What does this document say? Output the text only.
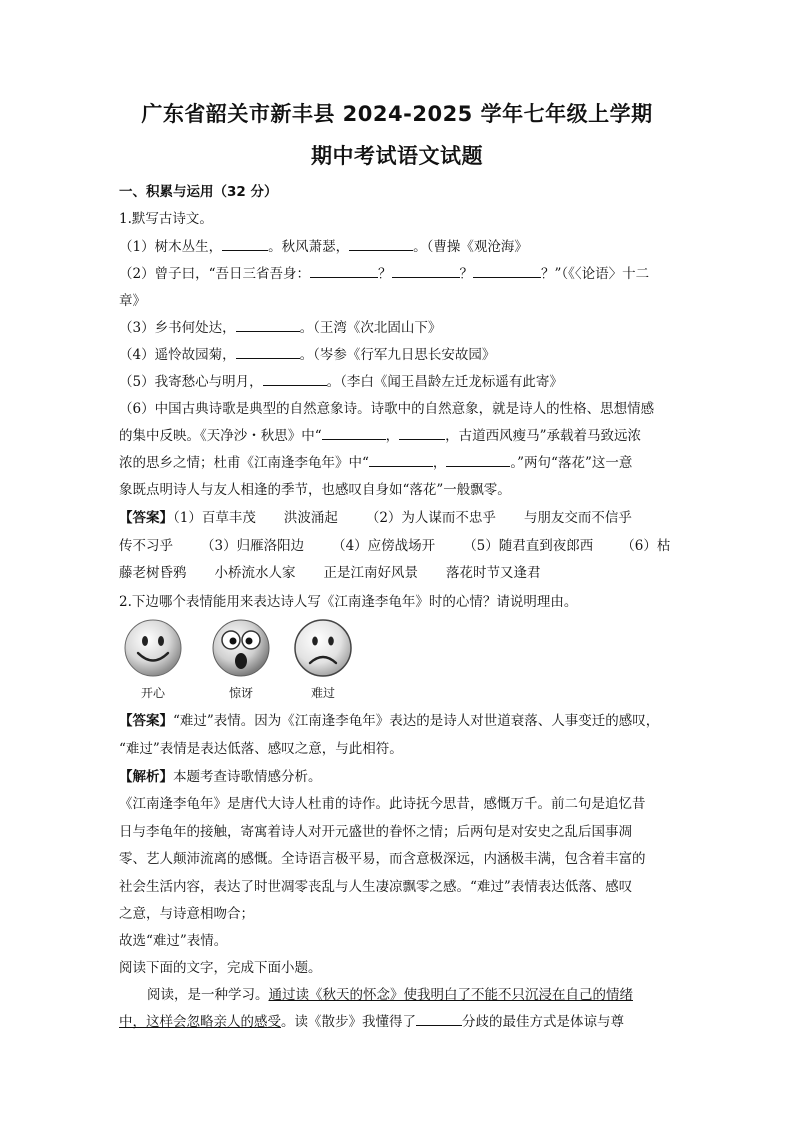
广东省韶关市新丰县 2024-2025 学年七年级上学期
期中考试语文试题
一、积累与运用（32 分）
1.默写古诗文。
（1）树木丛生，	。秋风萧瑟，	。（曹操《观沧海》
（2）曾子曰，“吾日三省吾身：	？	？	？”（《〈论语〉十二
章》
（3）乡书何处达，	。（王湾《次北固山下》
（4）遥怜故园菊，	。（岑参《行军九日思长安故园》
（5）我寄愁心与明月，	。（李白《闻王昌龄左迁龙标遥有此寄》
（6）中国古典诗歌是典型的自然意象诗。诗歌中的自然意象，就是诗人的性格、思想情感
的集中反映。《天净沙・秋思》中“	，	，古道西风瘦马”承载着马致远浓
浓的思乡之情；杜甫《江南逢李龟年》中“	，	。”两句“落花”这一意
象既点明诗人与友人相逢的季节，也感叹自身如“落花”一般飘零。
【答案】（1）百草丰茂 洪波涌起 （2）为人谋而不忠乎 与朋友交而不信乎
传不习乎 （3）归雁洛阳边 （4）应傍战场开 （5）随君直到夜郎西 （6）枯
藤老树昏鸦 小桥流水人家 正是江南好风景 落花时节又逢君
2.下边哪个表情能用来表达诗人写《江南逢李龟年》时的心情？请说明理由。
开心	惊讶	难过
【答案】“难过”表情。因为《江南逢李龟年》表达的是诗人对世道衰落、人事变迁的感叹，
“难过”表情是表达低落、感叹之意，与此相符。
【解析】本题考查诗歌情感分析。
《江南逢李龟年》是唐代大诗人杜甫的诗作。此诗抚今思昔，感慨万千。前二句是追忆昔
日与李龟年的接触，寄寓着诗人对开元盛世的眷怀之情；后两句是对安史之乱后国事凋
零、艺人颠沛流离的感慨。全诗语言极平易，而含意极深远，内涵极丰满，包含着丰富的
社会生活内容，表达了时世凋零丧乱与人生凄凉飘零之感。“难过”表情表达低落、感叹
之意，与诗意相吻合；
故选“难过”表情。
阅读下面的文字，完成下面小题。
阅读，是一种学习。通过读《秋天的怀念》使我明白了不能不只沉浸在自己的情绪
中，这样会忽略亲人的感受。读《散步》我懂得了	分歧的最佳方式是体谅与尊
